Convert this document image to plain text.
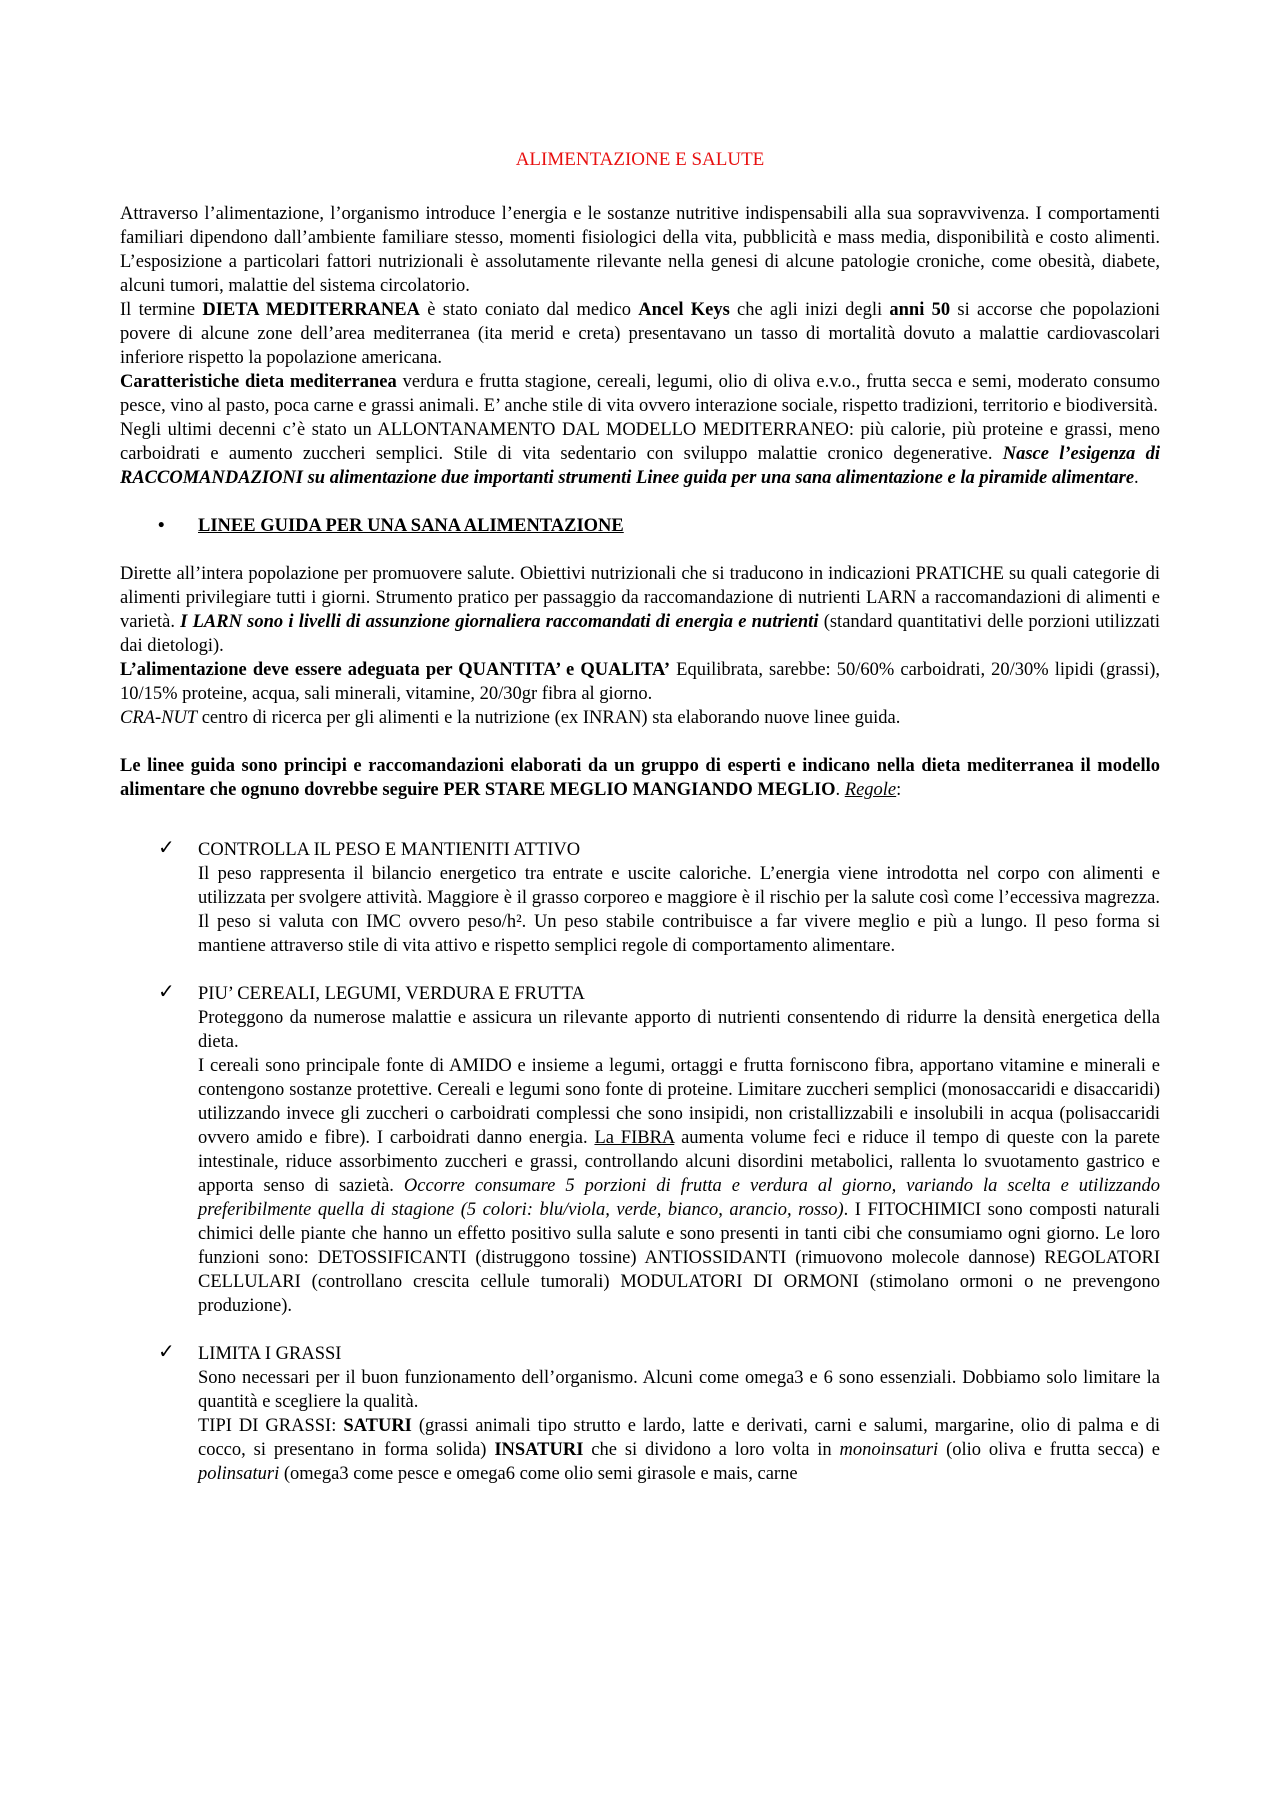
ALIMENTAZIONE E SALUTE

Attraverso l’alimentazione, l’organismo introduce l’energia e le sostanze nutritive indispensabili alla sua sopravvivenza. I comportamenti familiari dipendono dall’ambiente familiare stesso, momenti fisiologici della vita, pubblicità e mass media, disponibilità e costo alimenti. L’esposizione a particolari fattori nutrizionali è assolutamente rilevante nella genesi di alcune patologie croniche, come obesità, diabete, alcuni tumori, malattie del sistema circolatorio.

Il termine DIETA MEDITERRANEA è stato coniato dal medico Ancel Keys che agli inizi degli anni 50 si accorse che popolazioni povere di alcune zone dell’area mediterranea (ita merid e creta) presentavano un tasso di mortalità dovuto a malattie cardiovascolari inferiore rispetto la popolazione americana.

Caratteristiche dieta mediterranea verdura e frutta stagione, cereali, legumi, olio di oliva e.v.o., frutta secca e semi, moderato consumo pesce, vino al pasto, poca carne e grassi animali. E’ anche stile di vita ovvero interazione sociale, rispetto tradizioni, territorio e biodiversità.

Negli ultimi decenni c’è stato un ALLONTANAMENTO DAL MODELLO MEDITERRANEO: più calorie, più proteine e grassi, meno carboidrati e aumento zuccheri semplici. Stile di vita sedentario con sviluppo malattie cronico degenerative. Nasce l’esigenza di RACCOMANDAZIONI su alimentazione due importanti strumenti Linee guida per una sana alimentazione e la piramide alimentare.

• LINEE GUIDA PER UNA SANA ALIMENTAZIONE

Dirette all’intera popolazione per promuovere salute. Obiettivi nutrizionali che si traducono in indicazioni PRATICHE su quali categorie di alimenti privilegiare tutti i giorni. Strumento pratico per passaggio da raccomandazione di nutrienti LARN a raccomandazioni di alimenti e varietà. I LARN sono i livelli di assunzione giornaliera raccomandati di energia e nutrienti (standard quantitativi delle porzioni utilizzati dai dietologi).

L’alimentazione deve essere adeguata per QUANTITA’ e QUALITA’ Equilibrata, sarebbe: 50/60% carboidrati, 20/30% lipidi (grassi), 10/15% proteine, acqua, sali minerali, vitamine, 20/30gr fibra al giorno.

CRA-NUT centro di ricerca per gli alimenti e la nutrizione (ex INRAN) sta elaborando nuove linee guida.

Le linee guida sono principi e raccomandazioni elaborati da un gruppo di esperti e indicano nella dieta mediterranea il modello alimentare che ognuno dovrebbe seguire PER STARE MEGLIO MANGIANDO MEGLIO. Regole:

✓ CONTROLLA IL PESO E MANTIENITI ATTIVO

Il peso rappresenta il bilancio energetico tra entrate e uscite caloriche. L’energia viene introdotta nel corpo con alimenti e utilizzata per svolgere attività. Maggiore è il grasso corporeo e maggiore è il rischio per la salute così come l’eccessiva magrezza. Il peso si valuta con IMC ovvero peso/h². Un peso stabile contribuisce a far vivere meglio e più a lungo. Il peso forma si mantiene attraverso stile di vita attivo e rispetto semplici regole di comportamento alimentare.

✓ PIU’ CEREALI, LEGUMI, VERDURA E FRUTTA

Proteggono da numerose malattie e assicura un rilevante apporto di nutrienti consentendo di ridurre la densità energetica della dieta.

I cereali sono principale fonte di AMIDO e insieme a legumi, ortaggi e frutta forniscono fibra, apportano vitamine e minerali e contengono sostanze protettive. Cereali e legumi sono fonte di proteine. Limitare zuccheri semplici (monosaccaridi e disaccaridi) utilizzando invece gli zuccheri o carboidrati complessi che sono insipidi, non cristallizzabili e insolubili in acqua (polisaccaridi ovvero amido e fibre). I carboidrati danno energia. La FIBRA aumenta volume feci e riduce il tempo di queste con la parete intestinale, riduce assorbimento zuccheri e grassi, controllando alcuni disordini metabolici, rallenta lo svuotamento gastrico e apporta senso di sazietà. Occorre consumare 5 porzioni di frutta e verdura al giorno, variando la scelta e utilizzando preferibilmente quella di stagione (5 colori: blu/viola, verde, bianco, arancio, rosso). I FITOCHIMICI sono composti naturali chimici delle piante che hanno un effetto positivo sulla salute e sono presenti in tanti cibi che consumiamo ogni giorno. Le loro funzioni sono: DETOSSIFICANTI (distruggono tossine) ANTIOSSIDANTI (rimuovono molecole dannose) REGOLATORI CELLULARI (controllano crescita cellule tumorali) MODULATORI DI ORMONI (stimolano ormoni o ne prevengono produzione).

✓ LIMITA I GRASSI

Sono necessari per il buon funzionamento dell’organismo. Alcuni come omega3 e 6 sono essenziali. Dobbiamo solo limitare la quantità e scegliere la qualità.

TIPI DI GRASSI: SATURI (grassi animali tipo strutto e lardo, latte e derivati, carni e salumi, margarine, olio di palma e di cocco, si presentano in forma solida) INSATURI che si dividono a loro volta in monoinsaturi (olio oliva e frutta secca) e polinsaturi (omega3 come pesce e omega6 come olio semi girasole e mais, carne
